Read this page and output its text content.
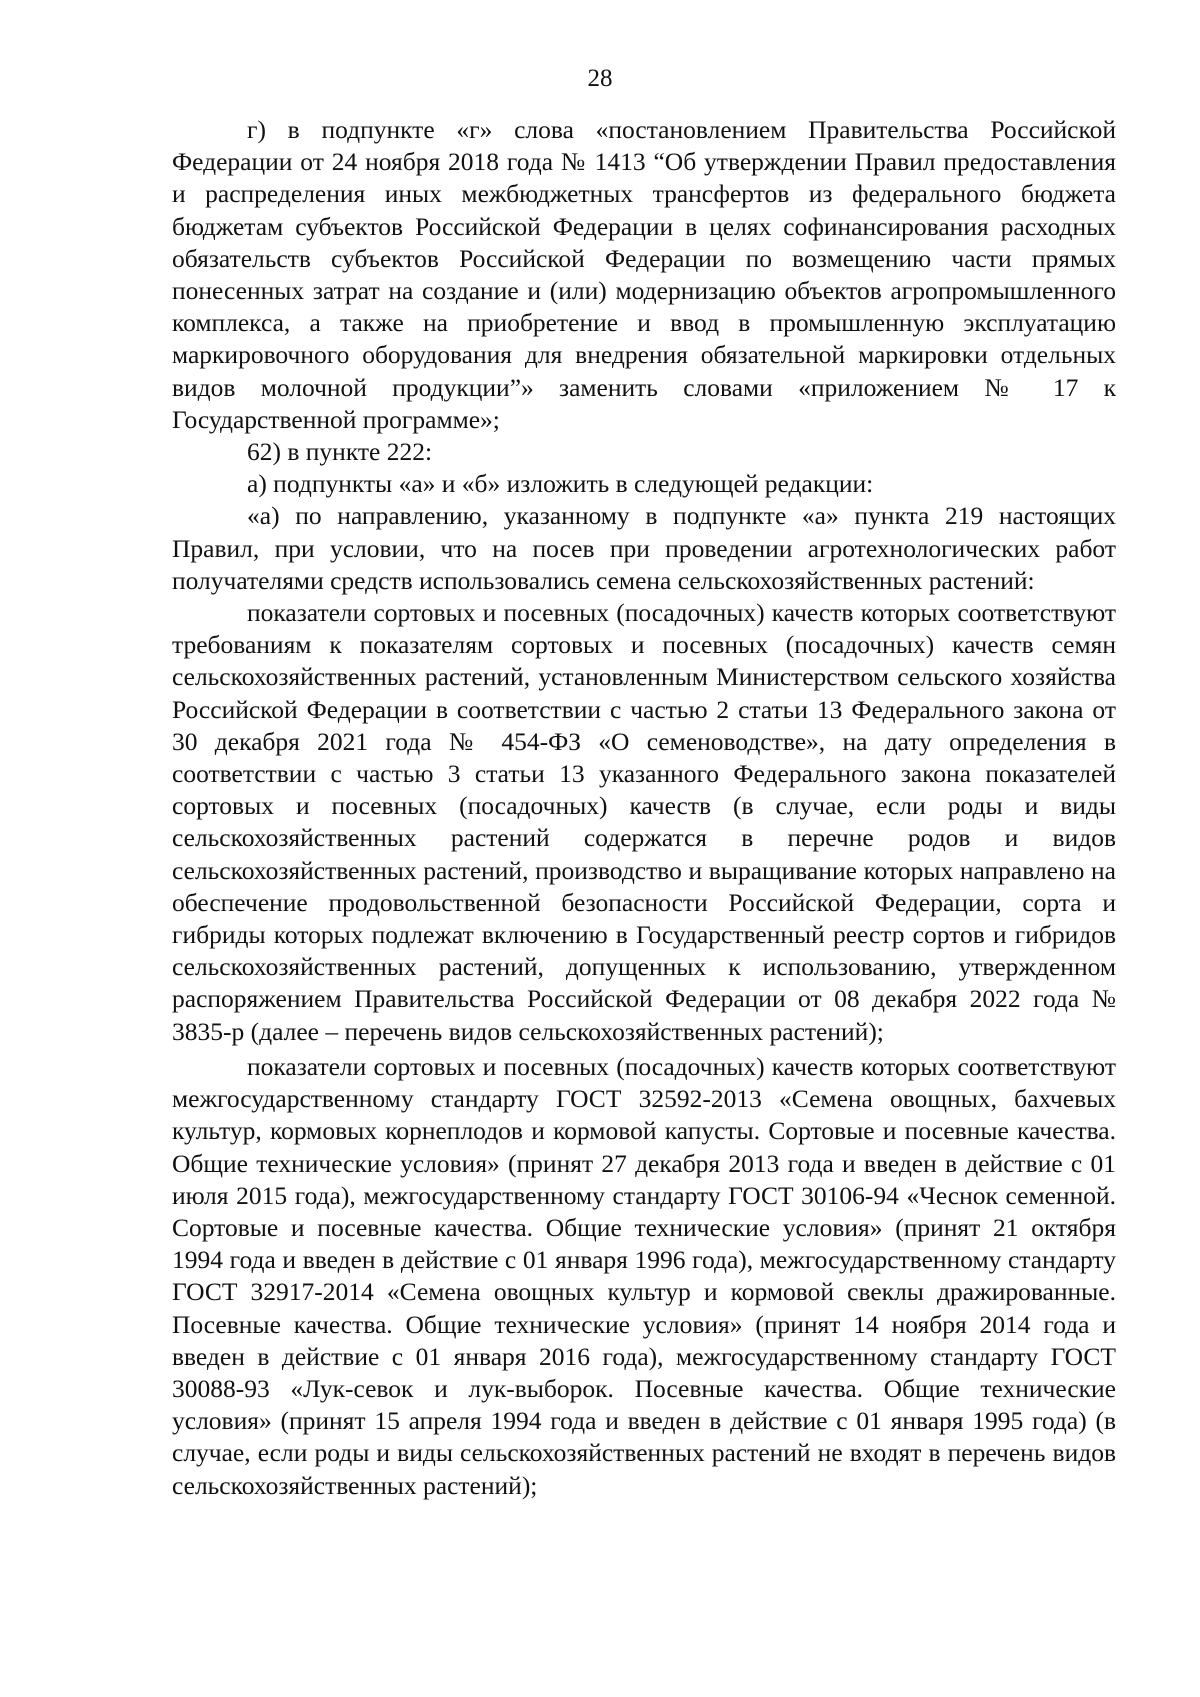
28

г) в подпункте «г» слова «постановлением Правительства Российской Федерации от 24 ноября 2018 года № 1413 “Об утверждении Правил предоставления и распределения иных межбюджетных трансфертов из федерального бюджета бюджетам субъектов Российской Федерации в целях софинансирования расходных обязательств субъектов Российской Федерации по возмещению части прямых понесенных затрат на создание и (или) модернизацию объектов агропромышленного комплекса, а также на приобретение и ввод в промышленную эксплуатацию маркировочного оборудования для внедрения обязательной маркировки отдельных видов молочной продукции”» заменить словами «приложением № 17 к Государственной программе»;

62) в пункте 222:

а) подпункты «а» и «б» изложить в следующей редакции:

«а) по направлению, указанному в подпункте «а» пункта 219 настоящих Правил, при условии, что на посев при проведении агротехнологических работ получателями средств использовались семена сельскохозяйственных растений:

показатели сортовых и посевных (посадочных) качеств которых соответствуют требованиям к показателям сортовых и посевных (посадочных) качеств семян сельскохозяйственных растений, установленным Министерством сельского хозяйства Российской Федерации в соответствии с частью 2 статьи 13 Федерального закона от 30 декабря 2021 года № 454-ФЗ «О семеноводстве», на дату определения в соответствии с частью 3 статьи 13 указанного Федерального закона показателей сортовых и посевных (посадочных) качеств (в случае, если роды и виды сельскохозяйственных растений содержатся в перечне родов и видов сельскохозяйственных растений, производство и выращивание которых направлено на обеспечение продовольственной безопасности Российской Федерации, сорта и гибриды которых подлежат включению в Государственный реестр сортов и гибридов сельскохозяйственных растений, допущенных к использованию, утвержденном распоряжением Правительства Российской Федерации от 08 декабря 2022 года № 3835-р (далее – перечень видов сельскохозяйственных растений);

показатели сортовых и посевных (посадочных) качеств которых соответствуют межгосударственному стандарту ГОСТ 32592-2013 «Семена овощных, бахчевых культур, кормовых корнеплодов и кормовой капусты. Сортовые и посевные качества. Общие технические условия» (принят 27 декабря 2013 года и введен в действие с 01 июля 2015 года), межгосударственному стандарту ГОСТ 30106-94 «Чеснок семенной. Сортовые и посевные качества. Общие технические условия» (принят 21 октября 1994 года и введен в действие с 01 января 1996 года), межгосударственному стандарту ГОСТ 32917-2014 «Семена овощных культур и кормовой свеклы дражированные. Посевные качества. Общие технические условия» (принят 14 ноября 2014 года и введен в действие с 01 января 2016 года), межгосударственному стандарту ГОСТ 30088-93 «Лук-севок и лук-выборок. Посевные качества. Общие технические условия» (принят 15 апреля 1994 года и введен в действие с 01 января 1995 года) (в случае, если роды и виды сельскохозяйственных растений не входят в перечень видов сельскохозяйственных растений);
